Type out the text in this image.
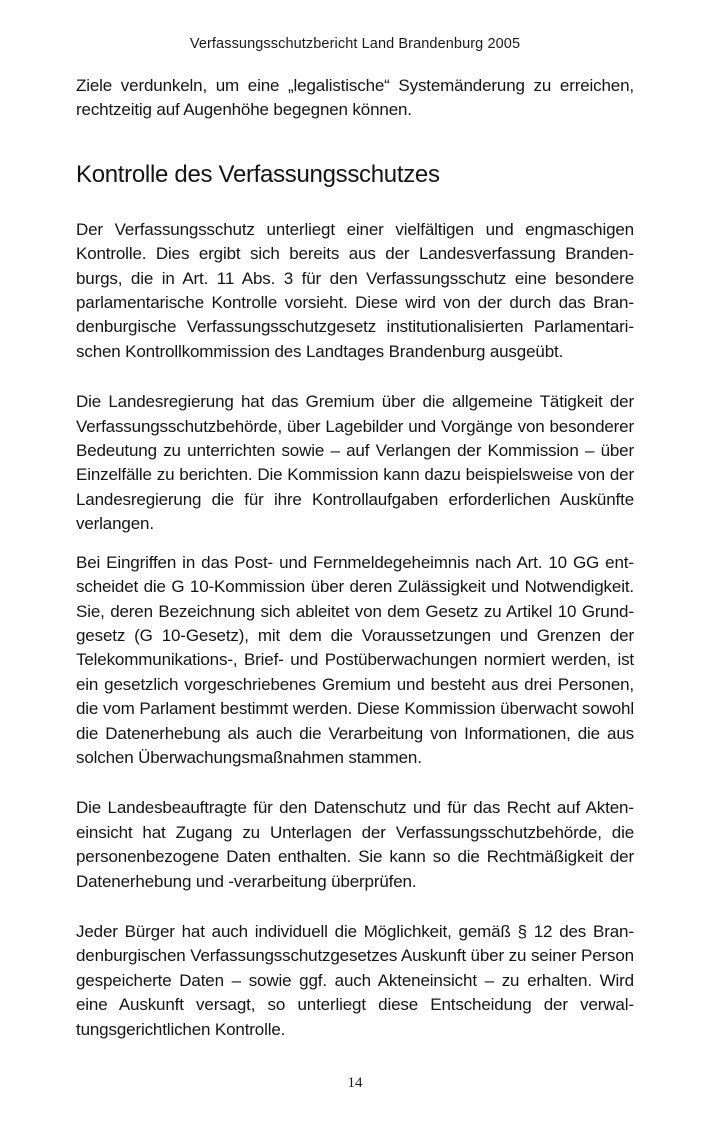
Verfassungsschutzbericht Land Brandenburg 2005

Ziele verdunkeln, um eine „legalistische“ Systemänderung zu erreichen, rechtzeitig auf Augenhöhe begegnen können.

Kontrolle des Verfassungsschutzes

Der Verfassungsschutz unterliegt einer vielfältigen und engmaschigen Kontrolle. Dies ergibt sich bereits aus der Landesverfassung Brandenburgs, die in Art. 11 Abs. 3 für den Verfassungsschutz eine besondere parlamentarische Kontrolle vorsieht. Diese wird von der durch das Brandenburgische Verfassungsschutzgesetz institutionalisierten Parlamentarischen Kontrollkommission des Landtages Brandenburg ausgeübt.

Die Landesregierung hat das Gremium über die allgemeine Tätigkeit der Verfassungsschutzbehörde, über Lagebilder und Vorgänge von besonderer Bedeutung zu unterrichten sowie – auf Verlangen der Kommission – über Einzelfälle zu berichten. Die Kommission kann dazu beispielsweise von der Landesregierung die für ihre Kontrollaufgaben erforderlichen Auskünfte verlangen.

Bei Eingriffen in das Post- und Fernmeldegeheimnis nach Art. 10 GG entscheidet die G 10-Kommission über deren Zulässigkeit und Notwendigkeit. Sie, deren Bezeichnung sich ableitet von dem Gesetz zu Artikel 10 Grundgesetz (G 10-Gesetz), mit dem die Voraussetzungen und Grenzen der Telekommunikations-, Brief- und Postüberwachungen normiert werden, ist ein gesetzlich vorgeschriebenes Gremium und besteht aus drei Personen, die vom Parlament bestimmt werden. Diese Kommission überwacht sowohl die Datenerhebung als auch die Verarbeitung von Informationen, die aus solchen Überwachungsmaßnahmen stammen.

Die Landesbeauftragte für den Datenschutz und für das Recht auf Akteneinsicht hat Zugang zu Unterlagen der Verfassungsschutzbehörde, die personenbezogene Daten enthalten. Sie kann so die Rechtmäßigkeit der Datenerhebung und -verarbeitung überprüfen.

Jeder Bürger hat auch individuell die Möglichkeit, gemäß § 12 des Brandenburgischen Verfassungsschutzgesetzes Auskunft über zu seiner Person gespeicherte Daten – sowie ggf. auch Akteneinsicht – zu erhalten. Wird eine Auskunft versagt, so unterliegt diese Entscheidung der verwaltungsgerichtlichen Kontrolle.

14
